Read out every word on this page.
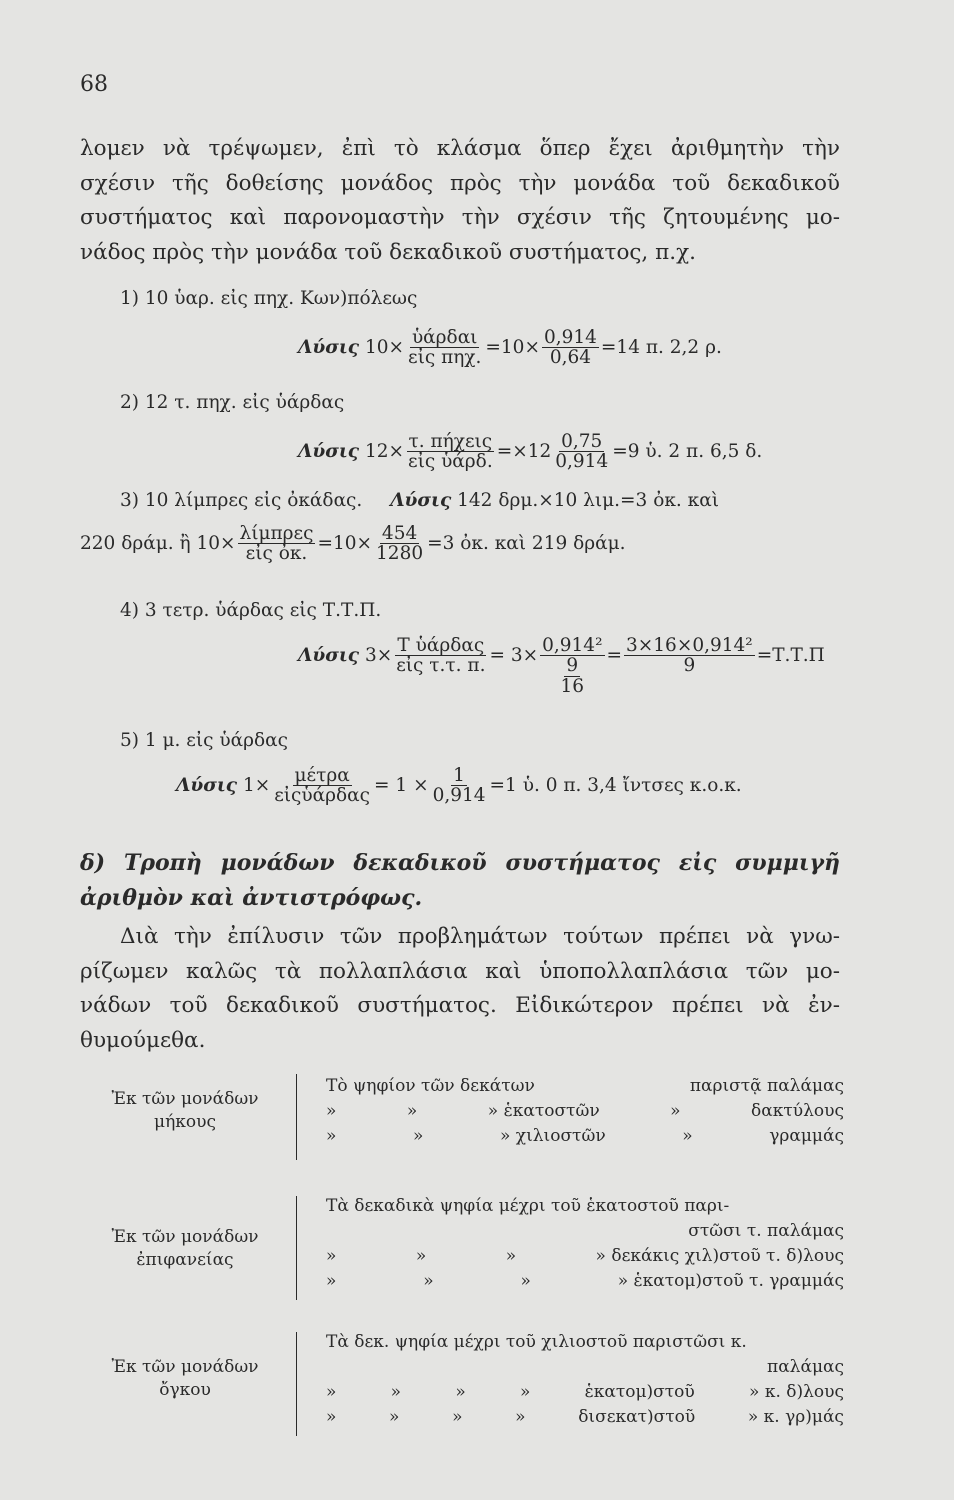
68
λομεν νὰ τρέψωμεν, ἐπὶ τὸ κλάσμα ὅπερ ἔχει ἀριθμητὴν τὴν
σχέσιν τῆς δοθείσης μονάδος πρὸς τὴν μονάδα τοῦ δεκαδικοῦ
συστήματος καὶ παρονομαστὴν τὴν σχέσιν τῆς ζητουμένης μο-
νάδος πρὸς τὴν μονάδα τοῦ δεκαδικοῦ συστήματος, π.χ.
1) 10 ὑαρ. εἰς πηχ. Κων)πόλεως
Λύσις $10\times \frac{\text{ὑάρδαι}}{\text{εἰς πηχ.}} =10\times \frac{0,914}{0,64} =14$ π. 2,2 ρ.
2) 12 τ. πηχ. εἰς ὑάρδας
Λύσις $12\times \frac{\text{τ. πήχεις}}{\text{εἰς ὑάρδ.}} =\times 12 \frac{0,75}{0,914} =9$ ὑ. 2 π. 6,5 δ.
3) 10 λίμπρες εἰς ὀκάδας. Λύσις 142 δρμ.×10 λιμ.=3 ὀκ. καὶ
220 δράμ. ἢ $10\times \frac{\text{λίμπρες}}{\text{εἰς ὀκ.}} =10\times \frac{454}{1280} =3$ ὀκ. καὶ 219 δράμ.
4) 3 τετρ. ὑάρδας εἰς Τ.Τ.Π.
Λύσις $3\times \frac{\text{Τ ὑάρδας}}{\text{εἰς τ.τ. π.}} = 3\times 0,914^2$
9
16
= $\frac{\text{3×16×0,914²}}{9} =T.T.\Pi$
5) 1 μ. εἰς ὑάρδας
Λύσις $1\times \frac{\text{μέτρα}}{\text{εἰςὑάρδας}} = 1 \times \frac{1}{0,914} =1$ ὑ. 0 π. 3,4 ἴντσες κ.ο.κ.
δ) Τροπὴ μονάδων δεκαδικοῦ συστήματος εἰς συμμιγῆ
ἀριθμὸν καὶ ἀντιστρόφως.
Διὰ τὴν ἐπίλυσιν τῶν προβλημάτων τούτων πρέπει νὰ γνω-
ρίζωμεν καλῶς τὰ πολλαπλάσια καὶ ὑποπολλαπλάσια τῶν μο-
νάδων τοῦ δεκαδικοῦ συστήματος. Εἰδικώτερον πρέπει νὰ ἐν-
θυμούμεθα.
Ἐκ τῶν μονάδων
μήκους
Τὸ ψηφίον τῶν δεκάτων	παριστᾷ παλάμας
»	»	» ἑκατοστῶν	»	δακτύλους
»	»	» χιλιοστῶν	»	γραμμάς
Ἐκ τῶν μονάδων
ἐπιφανείας
Τὰ δεκαδικὰ ψηφία μέχρι τοῦ ἑκατοστοῦ παρι-
στῶσι τ. παλάμας
»	»	»	» δεκάκις χιλ)στοῦ τ. δ)λους
»	»	»	» ἑκατομ)στοῦ τ. γραμμάς
Ἐκ τῶν μονάδων
ὄγκου
Τὰ δεκ. ψηφία μέχρι τοῦ χιλιοστοῦ παριστῶσι κ.
παλάμας
»	»	»	»	ἑκατομ)στοῦ	» κ. δ)λους
»	»	»	»	δισεκατ)στοῦ	» κ. γρ)μάς
